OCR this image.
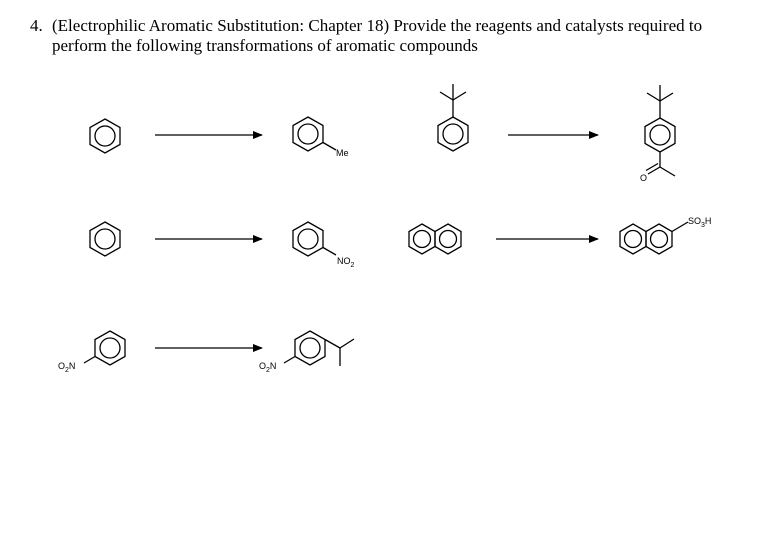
4. (Electrophilic Aromatic Substitution: Chapter 18) Provide the reagents and catalysts required to perform the following transformations of aromatic compounds
Me
O
$NO_2$
$SO_3H$
$O_2N$	$O_2N$
